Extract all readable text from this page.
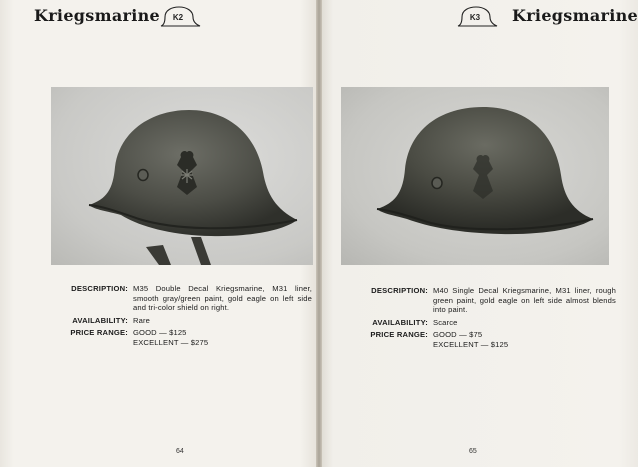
Kriegsmarine	K2
DESCRIPTION: M35 Double Decal Kriegsmarine, M31 liner, smooth gray/green paint, gold eagle on left side and tri-color shield on right.
AVAILABILITY: Rare
PRICE RANGE: GOOD — $125
EXCELLENT — $275
64
K3	Kriegsmarine
DESCRIPTION: M40 Single Decal Kriegsmarine, M31 liner, rough green paint, gold eagle on left side almost blends into paint.
AVAILABILITY: Scarce
PRICE RANGE: GOOD — $75
EXCELLENT — $125
65
